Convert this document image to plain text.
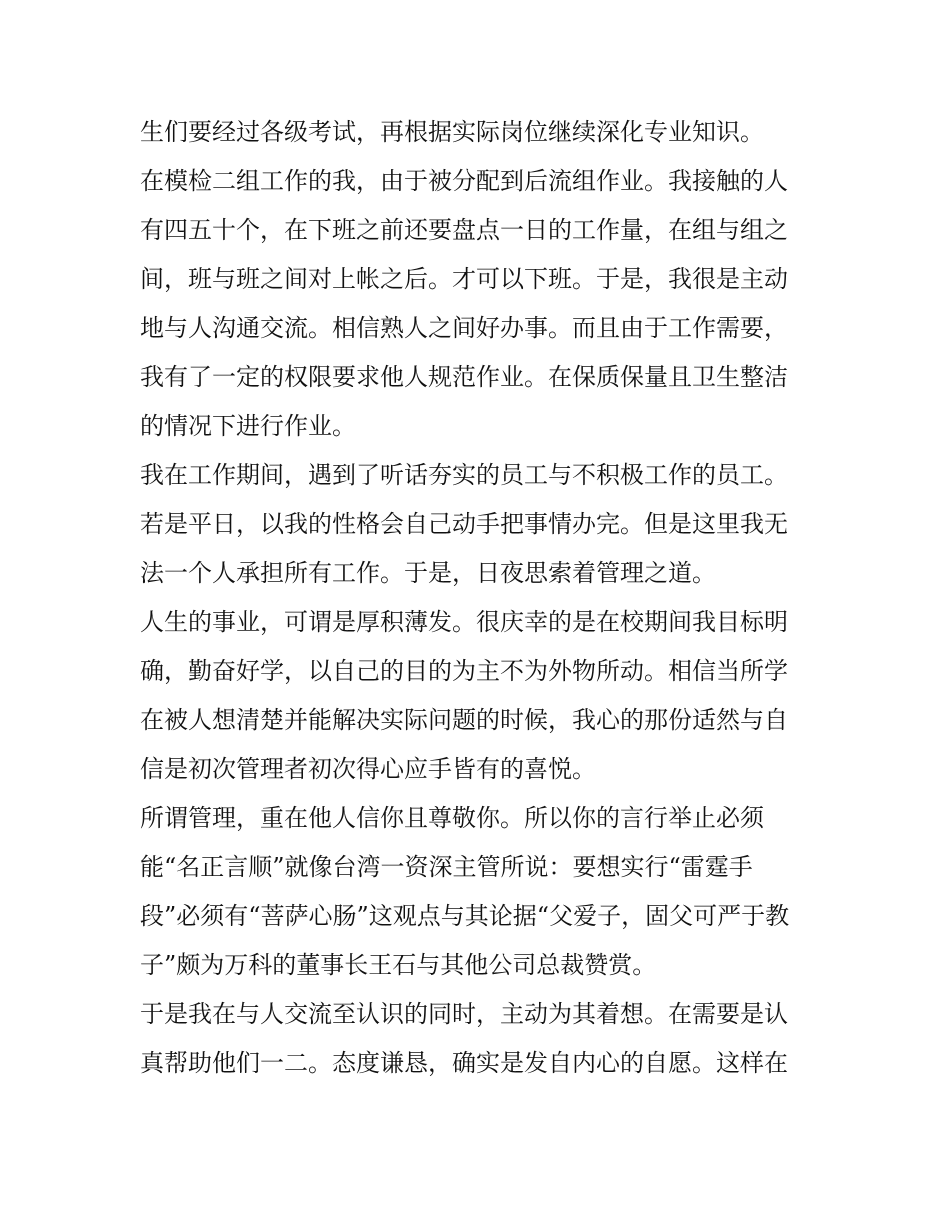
生们要经过各级考试，再根据实际岗位继续深化专业知识。
在模检二组工作的我，由于被分配到后流组作业。我接触的人
有四五十个，在下班之前还要盘点一日的工作量，在组与组之
间，班与班之间对上帐之后。才可以下班。于是，我很是主动
地与人沟通交流。相信熟人之间好办事。而且由于工作需要，
我有了一定的权限要求他人规范作业。在保质保量且卫生整洁
的情况下进行作业。
我在工作期间，遇到了听话夯实的员工与不积极工作的员工。
若是平日，以我的性格会自己动手把事情办完。但是这里我无
法一个人承担所有工作。于是，日夜思索着管理之道。
人生的事业，可谓是厚积薄发。很庆幸的是在校期间我目标明
确，勤奋好学，以自己的目的为主不为外物所动。相信当所学
在被人想清楚并能解决实际问题的时候，我心的那份适然与自
信是初次管理者初次得心应手皆有的喜悦。
所谓管理，重在他人信你且尊敬你。所以你的言行举止必须
能“名正言顺”就像台湾一资深主管所说：要想实行“雷霆手
段”必须有“菩萨心肠”这观点与其论据“父爱子，固父可严于教
子”颇为万科的董事长王石与其他公司总裁赞赏。
于是我在与人交流至认识的同时，主动为其着想。在需要是认
真帮助他们一二。态度谦恳，确实是发自内心的自愿。这样在
